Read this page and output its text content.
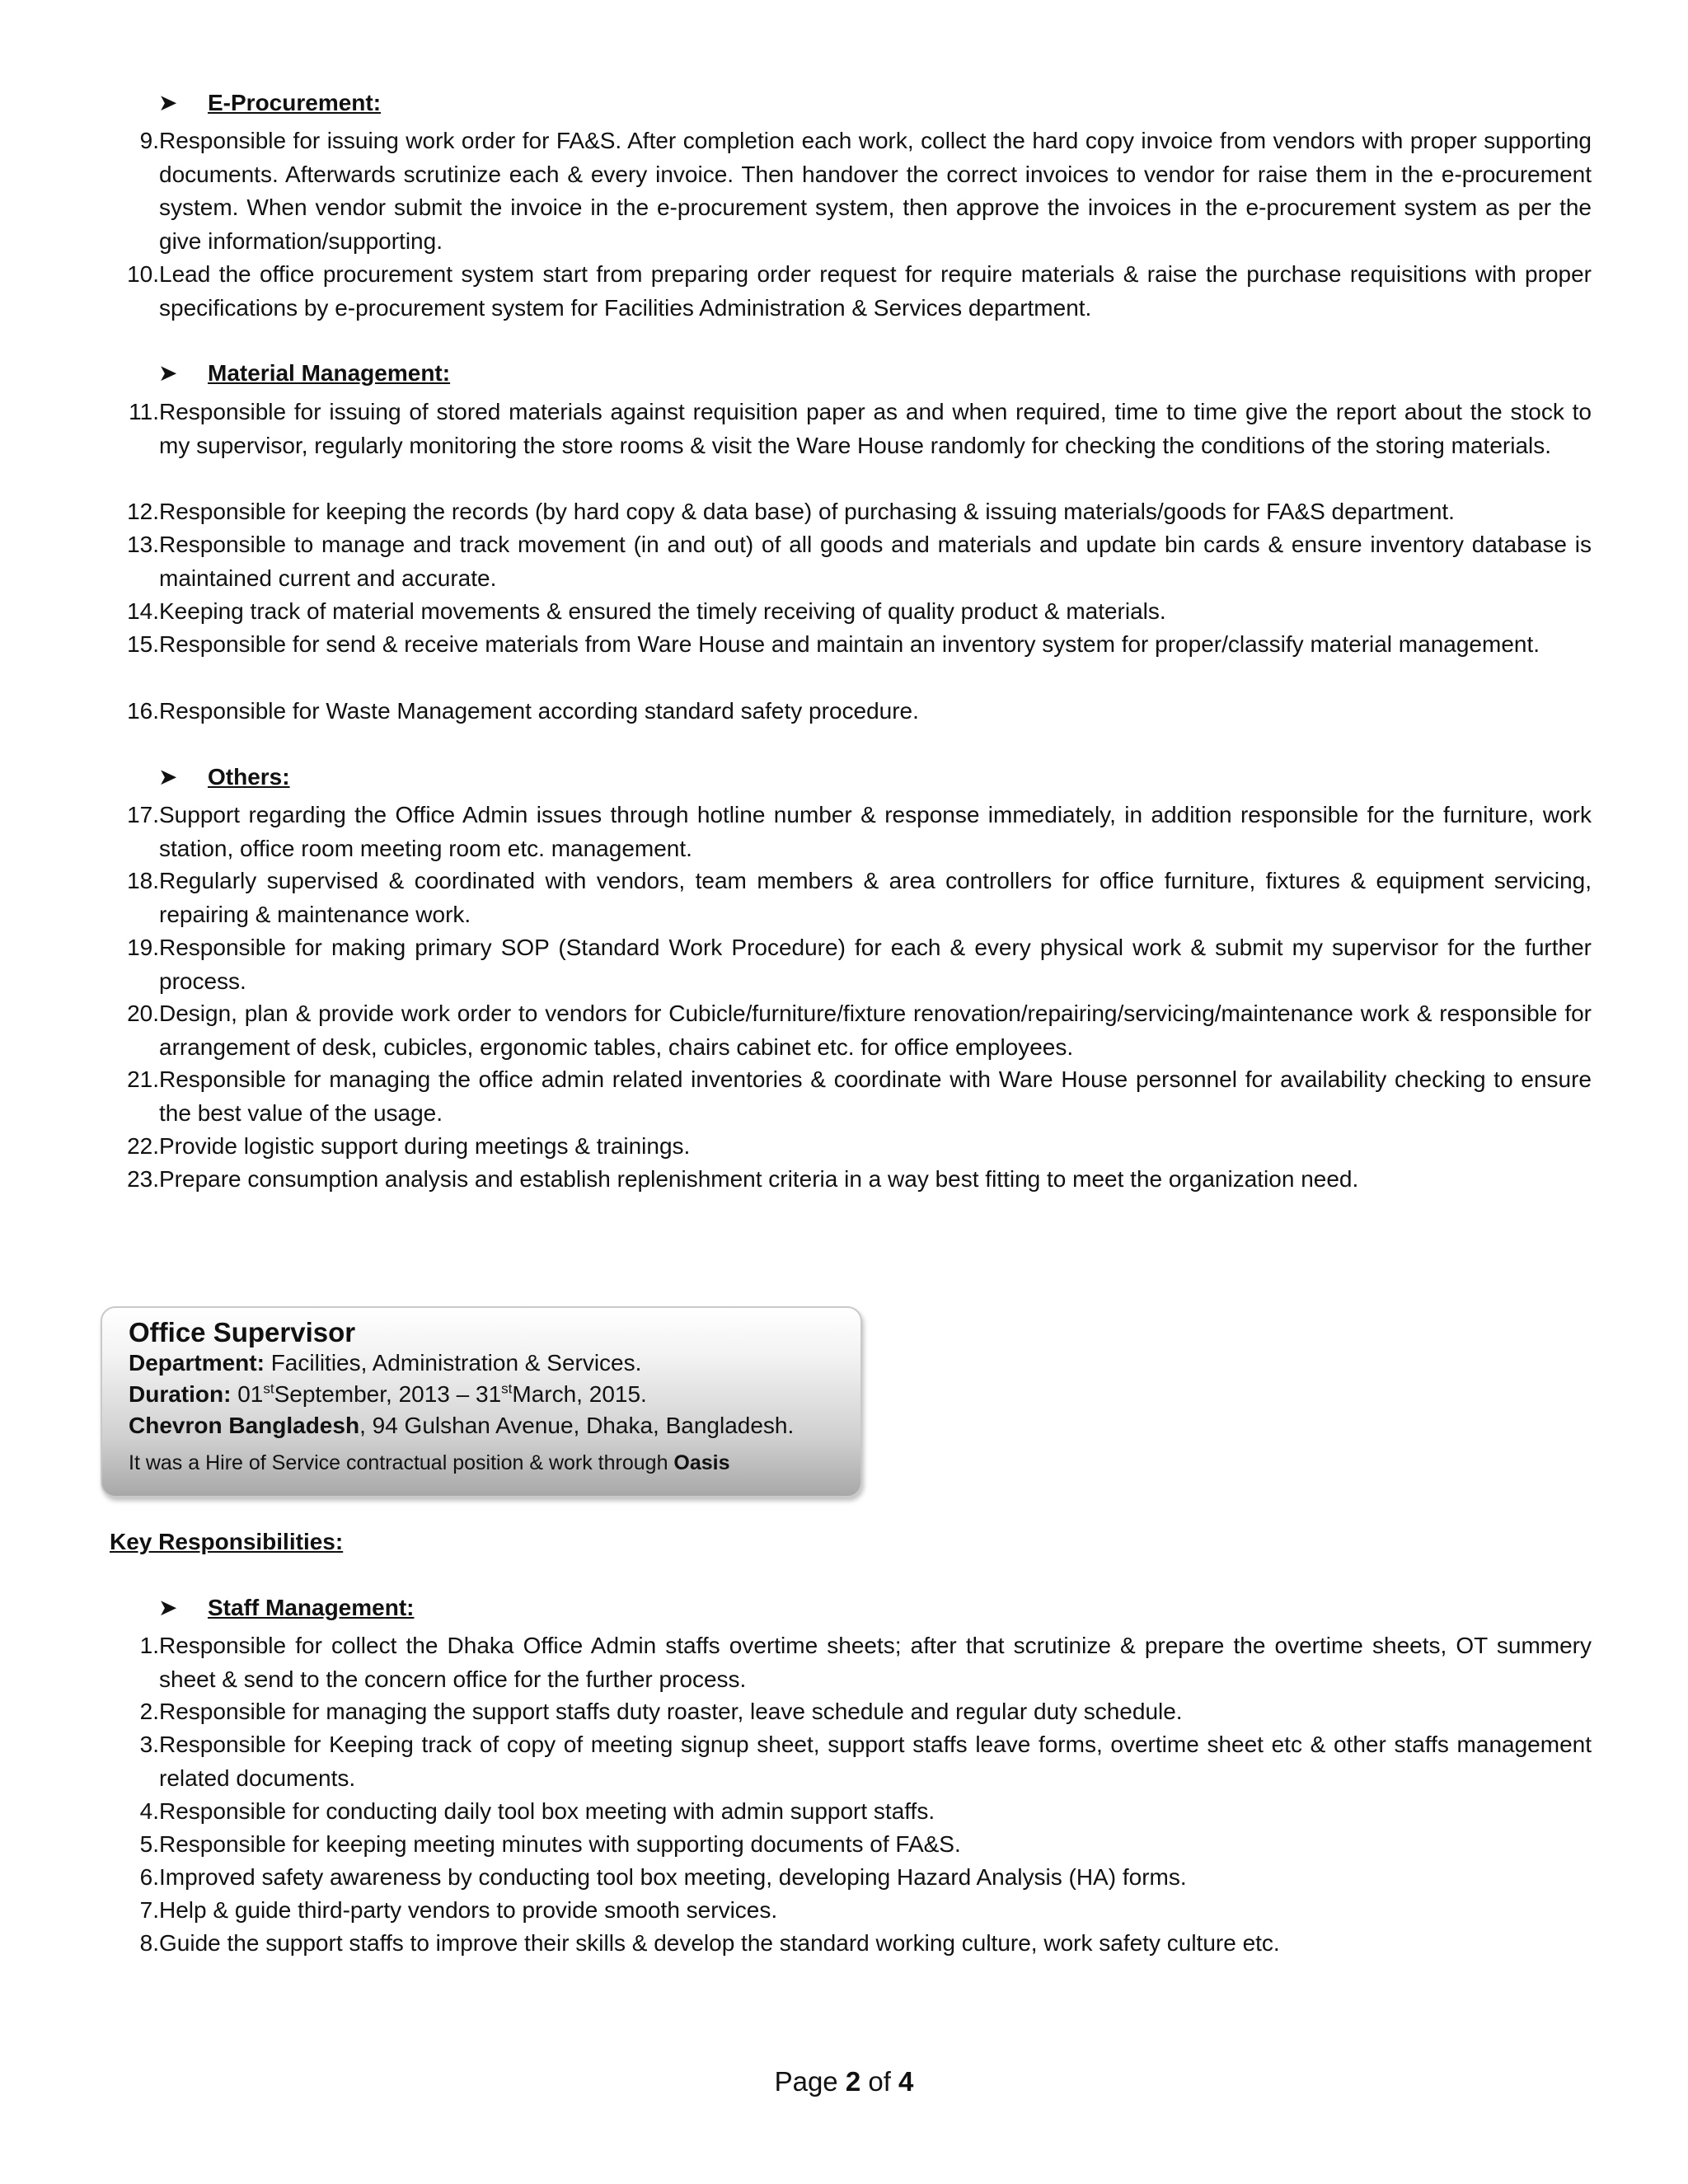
➤ E-Procurement:
9. Responsible for issuing work order for FA&S. After completion each work, collect the hard copy invoice from vendors with proper supporting documents. Afterwards scrutinize each & every invoice. Then handover the correct invoices to vendor for raise them in the e-procurement system. When vendor submit the invoice in the e-procurement system, then approve the invoices in the e-procurement system as per the give information/supporting.
10. Lead the office procurement system start from preparing order request for require materials & raise the purchase requisitions with proper specifications by e-procurement system for Facilities Administration & Services department.
➤ Material Management:
11. Responsible for issuing of stored materials against requisition paper as and when required, time to time give the report about the stock to my supervisor, regularly monitoring the store rooms & visit the Ware House randomly for checking the conditions of the storing materials.
12. Responsible for keeping the records (by hard copy & data base) of purchasing & issuing materials/goods for FA&S department.
13. Responsible to manage and track movement (in and out) of all goods and materials and update bin cards & ensure inventory database is maintained current and accurate.
14. Keeping track of material movements & ensured the timely receiving of quality product & materials.
15. Responsible for send & receive materials from Ware House and maintain an inventory system for proper/classify material management.
16. Responsible for Waste Management according standard safety procedure.
➤ Others:
17. Support regarding the Office Admin issues through hotline number & response immediately, in addition responsible for the furniture, work station, office room meeting room etc. management.
18. Regularly supervised & coordinated with vendors, team members & area controllers for office furniture, fixtures & equipment servicing, repairing & maintenance work.
19. Responsible for making primary SOP (Standard Work Procedure) for each & every physical work & submit my supervisor for the further process.
20. Design, plan & provide work order to vendors for Cubicle/furniture/fixture renovation/repairing/servicing/maintenance work & responsible for arrangement of desk, cubicles, ergonomic tables, chairs cabinet etc. for office employees.
21. Responsible for managing the office admin related inventories & coordinate with Ware House personnel for availability checking to ensure the best value of the usage.
22. Provide logistic support during meetings & trainings.
23. Prepare consumption analysis and establish replenishment criteria in a way best fitting to meet the organization need.
Office Supervisor
Department: Facilities, Administration & Services.
Duration: 01stSeptember, 2013 – 31stMarch, 2015.
Chevron Bangladesh, 94 Gulshan Avenue, Dhaka, Bangladesh.
It was a Hire of Service contractual position & work through Oasis
Key Responsibilities:
➤ Staff Management:
1. Responsible for collect the Dhaka Office Admin staffs overtime sheets; after that scrutinize & prepare the overtime sheets, OT summery sheet & send to the concern office for the further process.
2. Responsible for managing the support staffs duty roaster, leave schedule and regular duty schedule.
3. Responsible for Keeping track of copy of meeting signup sheet, support staffs leave forms, overtime sheet etc & other staffs management related documents.
4. Responsible for conducting daily tool box meeting with admin support staffs.
5. Responsible for keeping meeting minutes with supporting documents of FA&S.
6. Improved safety awareness by conducting tool box meeting, developing Hazard Analysis (HA) forms.
7. Help & guide third-party vendors to provide smooth services.
8. Guide the support staffs to improve their skills & develop the standard working culture, work safety culture etc.
Page 2 of 4
